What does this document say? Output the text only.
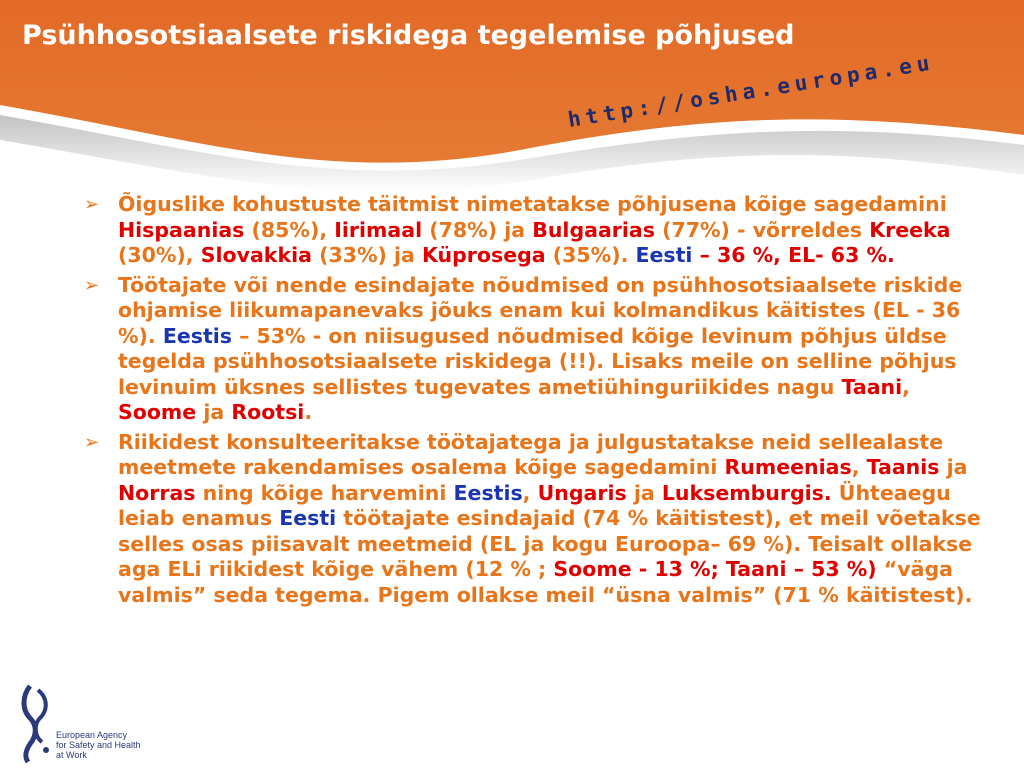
Psühhosotsiaalsete riskidega tegelemise põhjused
http://osha.europa.eu
➢ Õiguslike kohustuste täitmist nimetatakse põhjusena kõige sagedamini Hispaanias (85%), Iirimaal (78%) ja Bulgaarias (77%) - võrreldes Kreeka (30%), Slovakkia (33%) ja Küprosega (35%). Eesti – 36 %, EL- 63 %.
➢ Töötajate või nende esindajate nõudmised on psühhosotsiaalsete riskide ohjamise liikumapanevaks jõuks enam kui kolmandikus käitistes (EL - 36 %). Eestis – 53% - on niisugused nõudmised kõige levinum põhjus üldse tegelda psühhosotsiaalsete riskidega (!!). Lisaks meile on selline põhjus levinuim üksnes sellistes tugevates ametiühinguriikides nagu Taani, Soome ja Rootsi.
➢ Riikidest konsulteeritakse töötajatega ja julgustatakse neid sellealaste meetmete rakendamises osalema kõige sagedamini Rumeenias, Taanis ja Norras ning kõige harvemini Eestis, Ungaris ja Luksemburgis. Ühteaegu leiab enamus Eesti töötajate esindajaid (74 % käitistest), et meil võetakse selles osas piisavalt meetmeid (EL ja kogu Euroopa– 69 %). Teisalt ollakse aga ELi riikidest kõige vähem (12 % ; Soome - 13 %; Taani – 53 %) “väga valmis” seda tegema. Pigem ollakse meil “üsna valmis” (71 % käitistest).
European Agency
for Safety and Health
at Work
